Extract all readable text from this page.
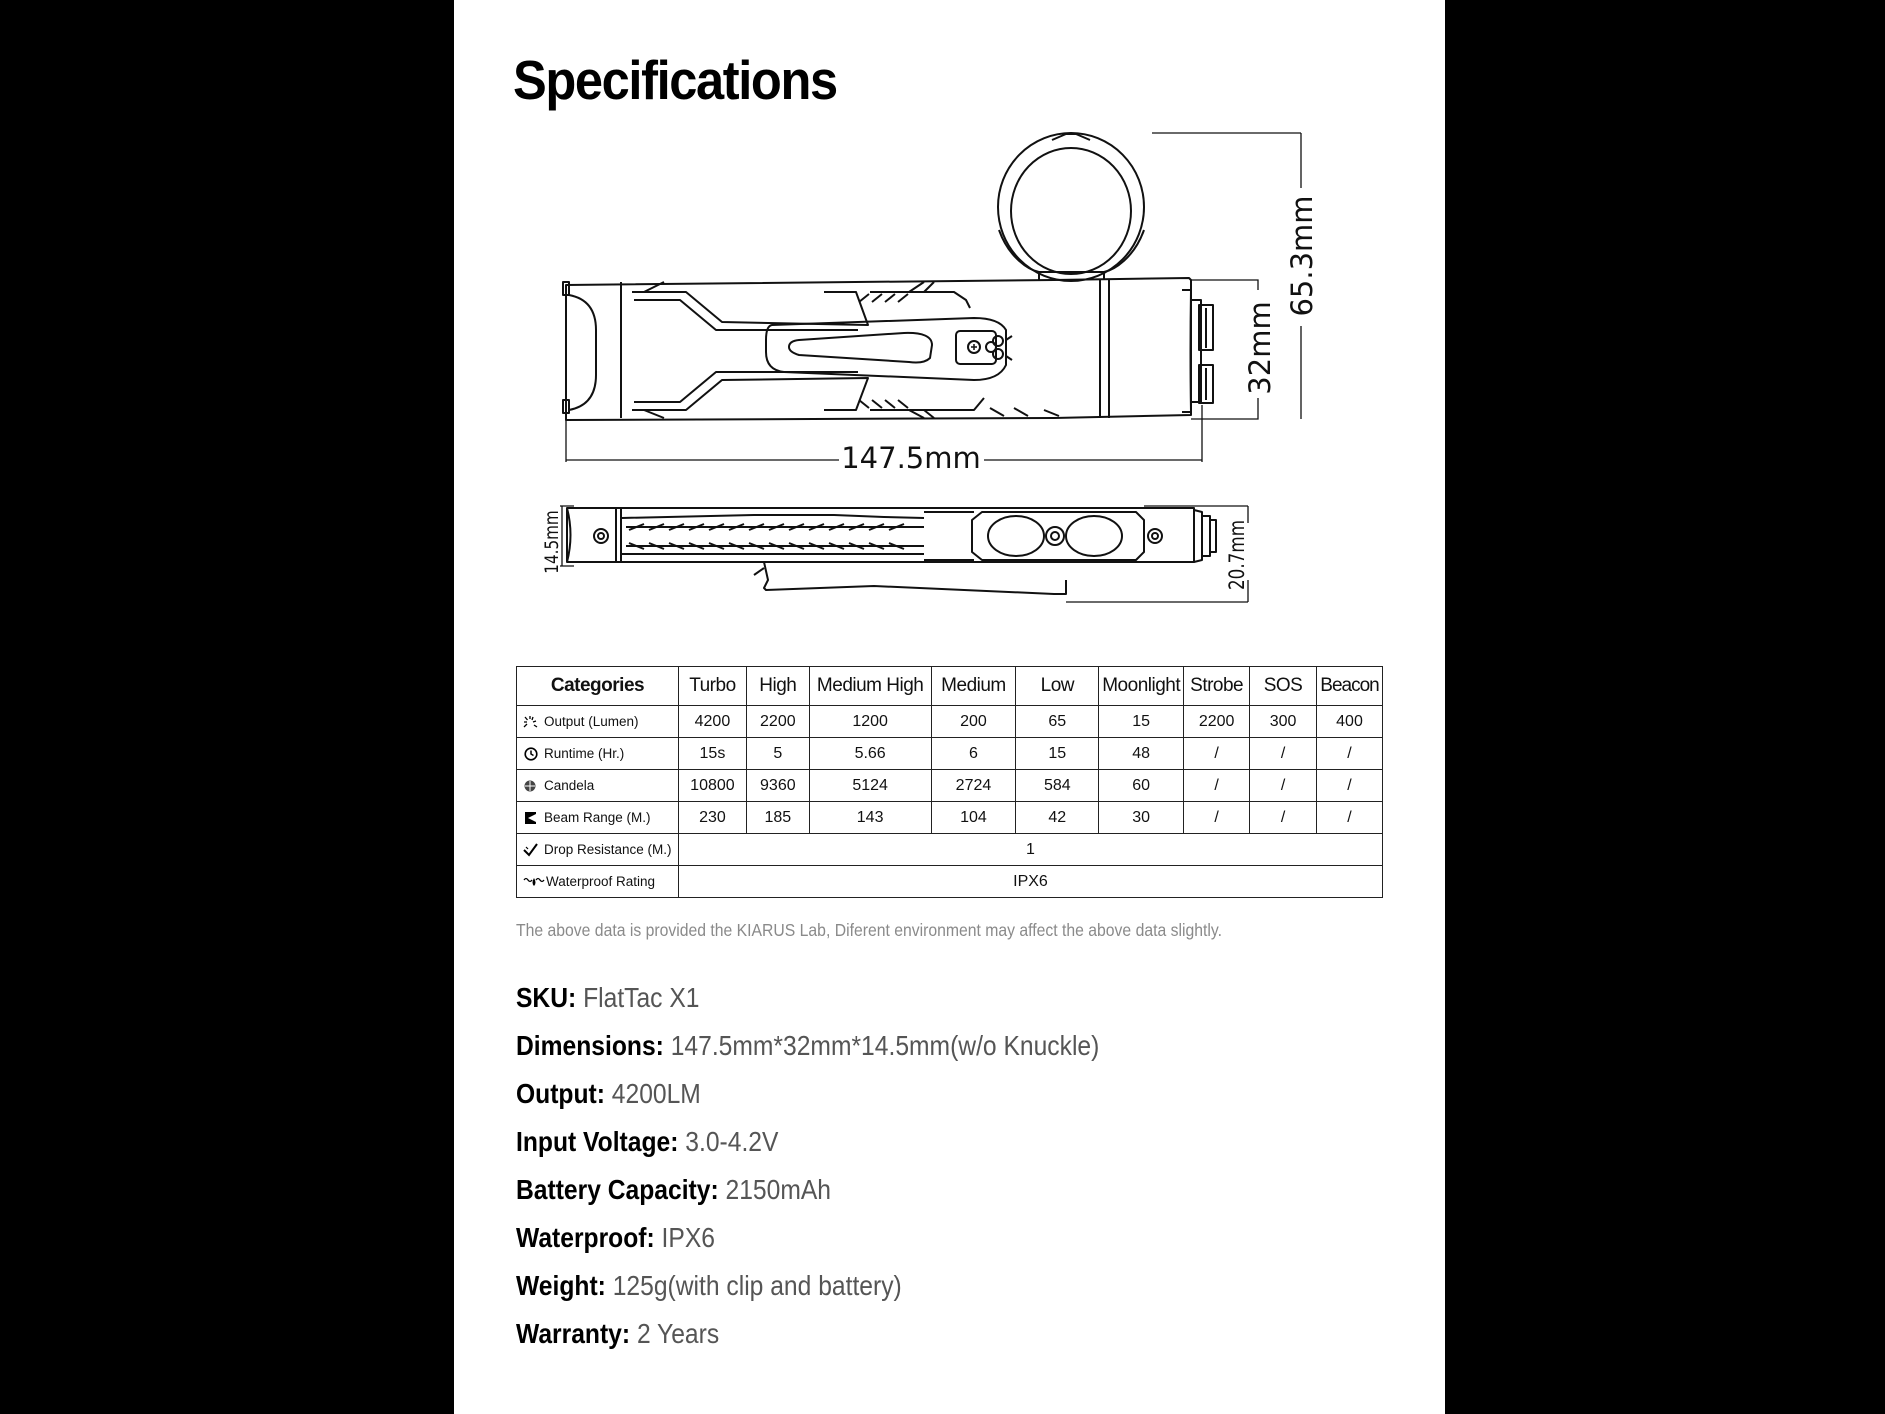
Specifications
147.5mm
65.3mm
32mm
14.5mm	20.7mm
Categories	Turbo	High	Medium High	Medium	Low	Moonlight	Strobe	SOS	Beacon

Output (Lumen)	4200	2200	1200	200	65	15	2200	300	400

Runtime (Hr.)	15s	5	5.66	6	15	48	/	/	/

Candela	10800	9360	5124	2724	584	60	/	/	/

Beam Range (M.)	230	185	143	104	42	30	/	/	/

Drop Resistance (M.)	1								

Waterproof Rating	IPX6								
The above data is provided the KIARUS Lab, Diferent environment may affect the above data slightly.
SKU: FlatTac X1
Dimensions: 147.5mm*32mm*14.5mm(w/o Knuckle)
Output: 4200LM
Input Voltage: 3.0-4.2V
Battery Capacity: 2150mAh
Waterproof: IPX6
Weight: 125g(with clip and battery)
Warranty: 2 Years
